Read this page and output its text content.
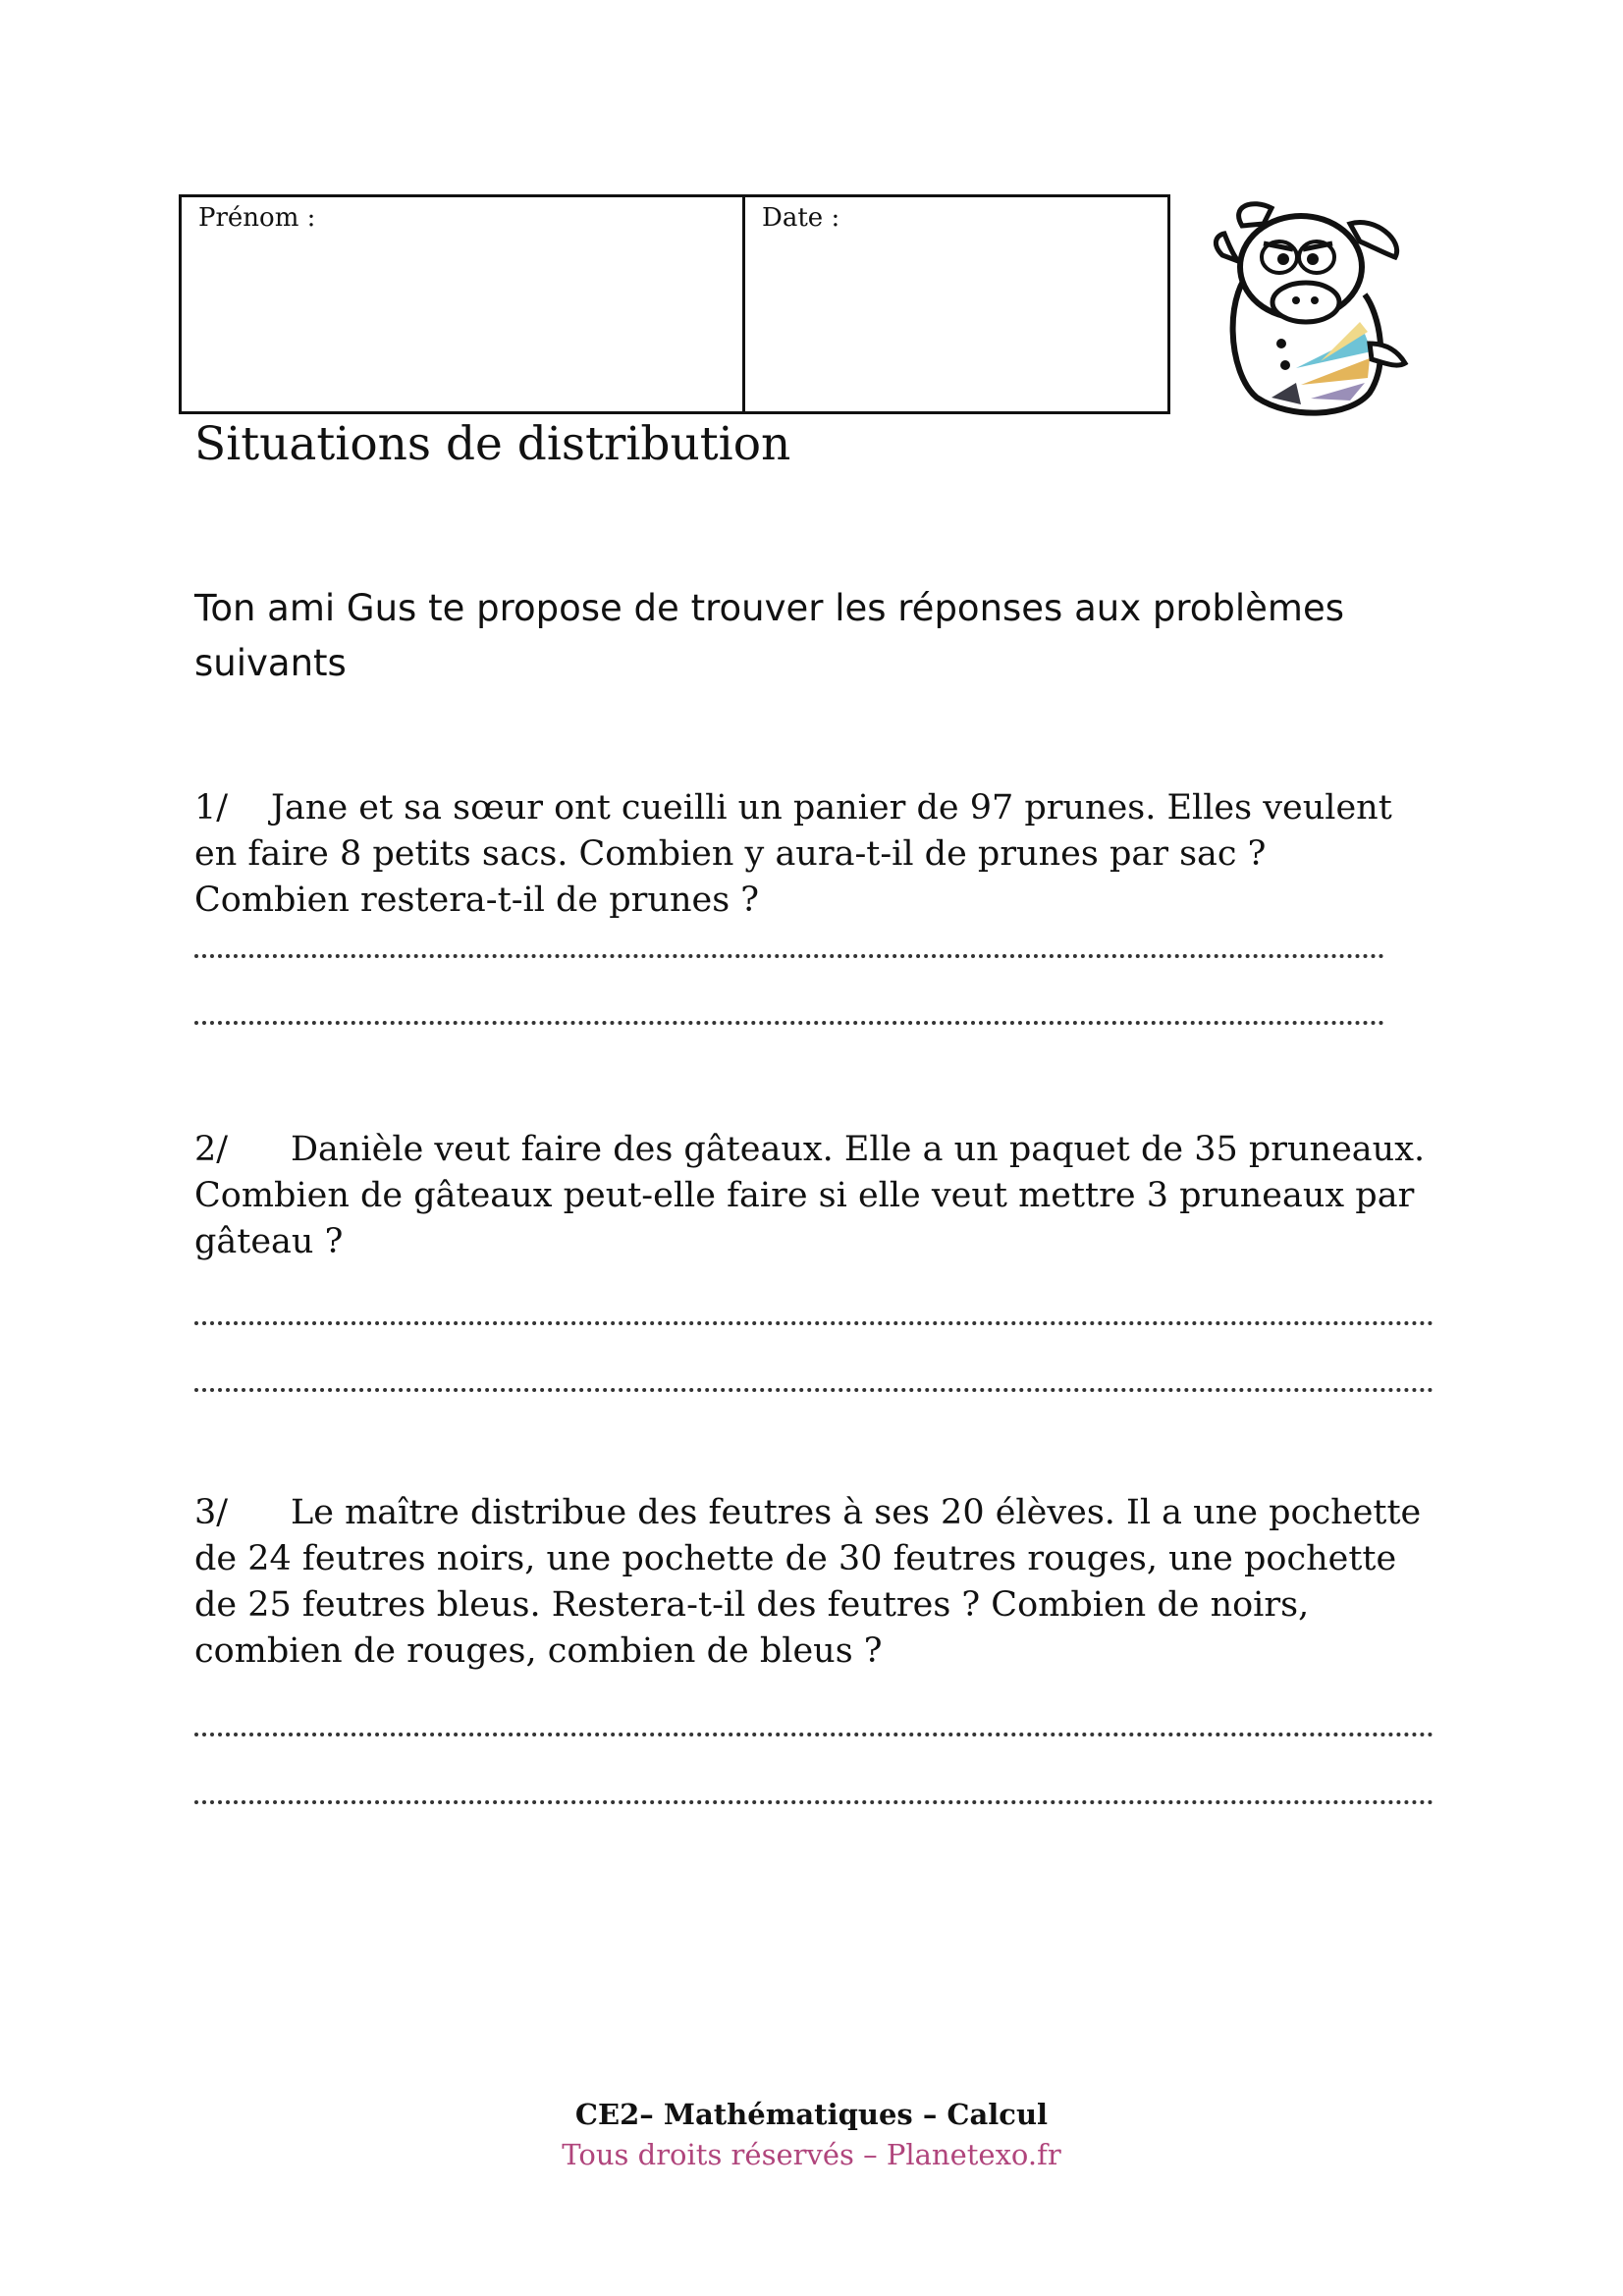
Prénom :	Date :
Situations de distribution
Ton ami Gus te propose de trouver les réponses aux problèmes suivants
1/ Jane et sa sœur ont cueilli un panier de 97 prunes. Elles veulent en faire 8 petits sacs. Combien y aura-t-il de prunes par sac ? Combien restera-t-il de prunes ?
2/ Danièle veut faire des gâteaux. Elle a un paquet de 35 pruneaux. Combien de gâteaux peut-elle faire si elle veut mettre 3 pruneaux par gâteau ?
3/ Le maître distribue des feutres à ses 20 élèves. Il a une pochette de 24 feutres noirs, une pochette de 30 feutres rouges, une pochette de 25 feutres bleus. Restera-t-il des feutres ? Combien de noirs, combien de rouges, combien de bleus ?
CE2– Mathématiques – Calcul
Tous droits réservés – Planetexo.fr
